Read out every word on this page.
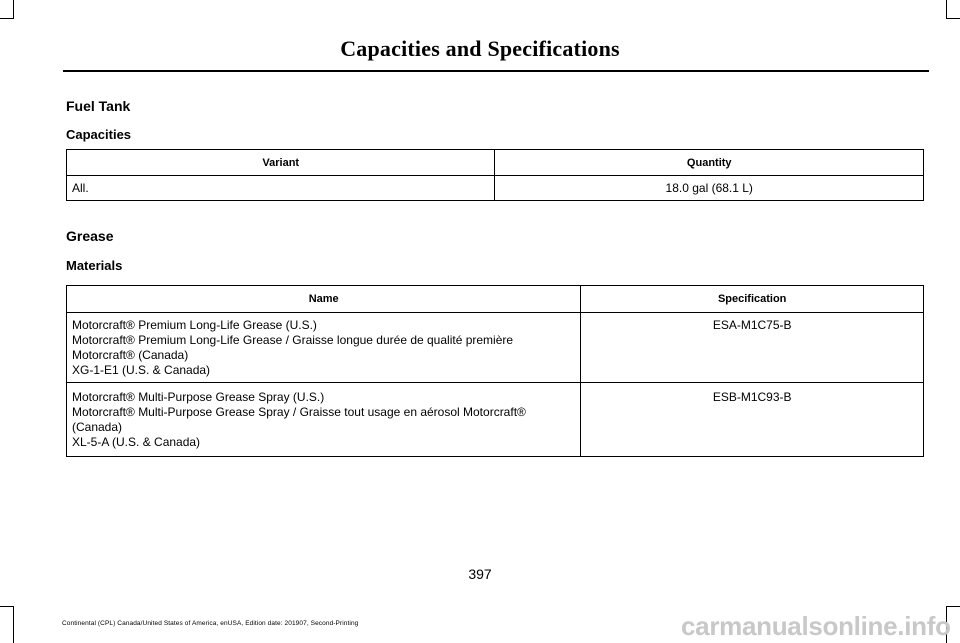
Capacities and Specifications
Fuel Tank
Capacities
Variant	Quantity
All.	18.0 gal (68.1 L)
Grease
Materials
Name	Specification

Motorcraft® Premium Long-Life Grease (U.S.)
Motorcraft® Premium Long-Life Grease / Graisse longue durée de qualité première
Motorcraft® (Canada)
XG-1-E1 (U.S. & Canada)	ESA-M1C75-B

Motorcraft® Multi-Purpose Grease Spray (U.S.)
Motorcraft® Multi-Purpose Grease Spray / Graisse tout usage en aérosol Motorcraft®
(Canada)
XL-5-A (U.S. & Canada)	ESB-M1C93-B
397
Continental (CPL) Canada/United States of America, enUSA, Edition date: 201907, Second-Printing	carmanualsonline.info
